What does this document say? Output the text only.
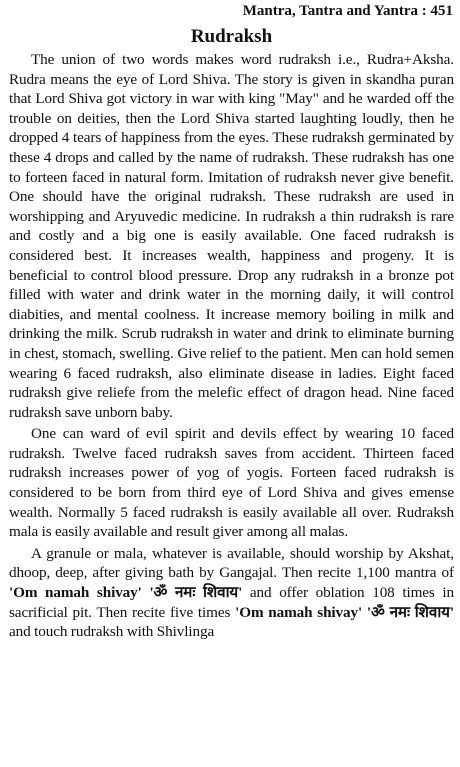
Mantra, Tantra and Yantra : 451
Rudraksh

The union of two words makes word rudraksh i.e., Rudra+Aksha. Rudra means the eye of Lord Shiva. The story is given in skandha puran that Lord Shiva got victory in war with king "May" and he warded off the trouble on deities, then the Lord Shiva started laughting loudly, then he dropped 4 tears of happiness from the eyes. These rudraksh germinated by these 4 drops and called by the name of rudraksh. These rudraksh has one to forteen faced in natural form. Imitation of rudraksh never give benefit. One should have the original rudraksh. These rudraksh are used in worshipping and Aryuvedic medicine. In rudraksh a thin rudraksh is rare and costly and a big one is easily available. One faced rudraksh is considered best. It increases wealth, happiness and progeny. It is beneficial to control blood pressure. Drop any rudraksh in a bronze pot filled with water and drink water in the morning daily, it will control diabities, and mental coolness. It increase memory boiling in milk and drinking the milk. Scrub rudraksh in water and drink to eliminate burning in chest, stomach, swelling. Give relief to the patient. Men can hold semen wearing 6 faced rudraksh, also eliminate disease in ladies. Eight faced rudraksh give reliefe from the melefic effect of dragon head. Nine faced rudraksh save unborn baby.

One can ward of evil spirit and devils effect by wearing 10 faced rudraksh. Twelve faced rudraksh saves from accident. Thirteen faced rudraksh increases power of yog of yogis. Forteen faced rudraksh is considered to be born from third eye of Lord Shiva and gives emense wealth. Normally 5 faced rudraksh is easily available all over. Rudraksh mala is easily available and result giver among all malas.

A granule or mala, whatever is available, should worship by Akshat, dhoop, deep, after giving bath by Gangajal. Then recite 1,100 mantra of 'Om namah shivay' 'ॐ नमः शिवाय' and offer oblation 108 times in sacrificial pit. Then recite five times 'Om namah shivay' 'ॐ नमः शिवाय' and touch rudraksh with Shivlinga
